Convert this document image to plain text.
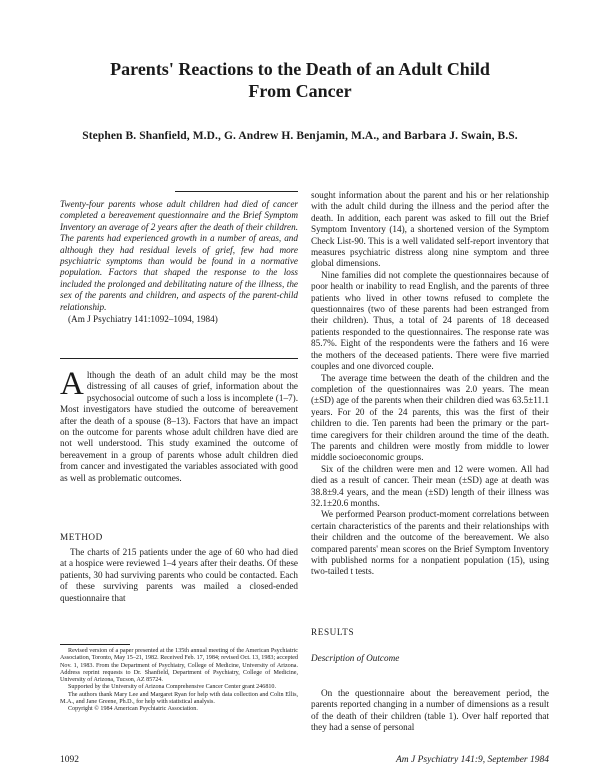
Parents' Reactions to the Death of an Adult Child
From Cancer
Stephen B. Shanfield, M.D., G. Andrew H. Benjamin, M.A., and Barbara J. Swain, B.S.

Twenty-four parents whose adult children had died of cancer completed a bereavement questionnaire and the Brief Symptom Inventory an average of 2 years after the death of their children. The parents had experienced growth in a number of areas, and although they had residual levels of grief, few had more psychiatric symptoms than would be found in a normative population. Factors that shaped the response to the loss included the prolonged and debilitating nature of the illness, the sex of the parents and children, and aspects of the parent-child relationship.

(Am J Psychiatry 141:1092–1094, 1984)

Although the death of an adult child may be the most distressing of all causes of grief, information about the psychosocial outcome of such a loss is incomplete (1–7). Most investigators have studied the outcome of bereavement after the death of a spouse (8–13). Factors that have an impact on the outcome for parents whose adult children have died are not well understood. This study examined the outcome of bereavement in a group of parents whose adult children died from cancer and investigated the variables associated with good as well as problematic outcomes.

METHOD

The charts of 215 patients under the age of 60 who had died at a hospice were reviewed 1–4 years after their deaths. Of these patients, 30 had surviving parents who could be contacted. Each of these surviving parents was mailed a closed-ended questionnaire that

Revised version of a paper presented at the 135th annual meeting of the American Psychiatric Association, Toronto, May 15–21, 1982. Received Feb. 17, 1984; revised Oct. 13, 1983; accepted Nov. 1, 1983. From the Department of Psychiatry, College of Medicine, University of Arizona. Address reprint requests to Dr. Shanfield, Department of Psychiatry, College of Medicine, University of Arizona, Tucson, AZ 85724.

Supported by the University of Arizona Comprehensive Cancer Center grant 246810.

The authors thank Mary Lee and Margaret Ryan for help with data collection and Colin Ellis, M.A., and Jane Greene, Ph.D., for help with statistical analysis.

Copyright © 1984 American Psychiatric Association.

sought information about the parent and his or her relationship with the adult child during the illness and the period after the death. In addition, each parent was asked to fill out the Brief Symptom Inventory (14), a shortened version of the Symptom Check List-90. This is a well validated self-report inventory that measures psychiatric distress along nine symptom and three global dimensions.

Nine families did not complete the questionnaires because of poor health or inability to read English, and the parents of three patients who lived in other towns refused to complete the questionnaires (two of these parents had been estranged from their children). Thus, a total of 24 parents of 18 deceased patients responded to the questionnaires. The response rate was 85.7%. Eight of the respondents were the fathers and 16 were the mothers of the deceased patients. There were five married couples and one divorced couple.

The average time between the death of the children and the completion of the questionnaires was 2.0 years. The mean (±SD) age of the parents when their children died was 63.5±11.1 years. For 20 of the 24 parents, this was the first of their children to die. Ten parents had been the primary or the part-time caregivers for their children around the time of the death. The parents and children were mostly from middle to lower middle socioeconomic groups.

Six of the children were men and 12 were women. All had died as a result of cancer. Their mean (±SD) age at death was 38.8±9.4 years, and the mean (±SD) length of their illness was 32.1±20.6 months.

We performed Pearson product-moment correlations between certain characteristics of the parents and their relationships with their children and the outcome of the bereavement. We also compared parents' mean scores on the Brief Symptom Inventory with published norms for a nonpatient population (15), using two-tailed t tests.

RESULTS
Description of Outcome

On the questionnaire about the bereavement period, the parents reported changing in a number of dimensions as a result of the death of their children (table 1). Over half reported that they had a sense of personal

1092	Am J Psychiatry 141:9, September 1984
